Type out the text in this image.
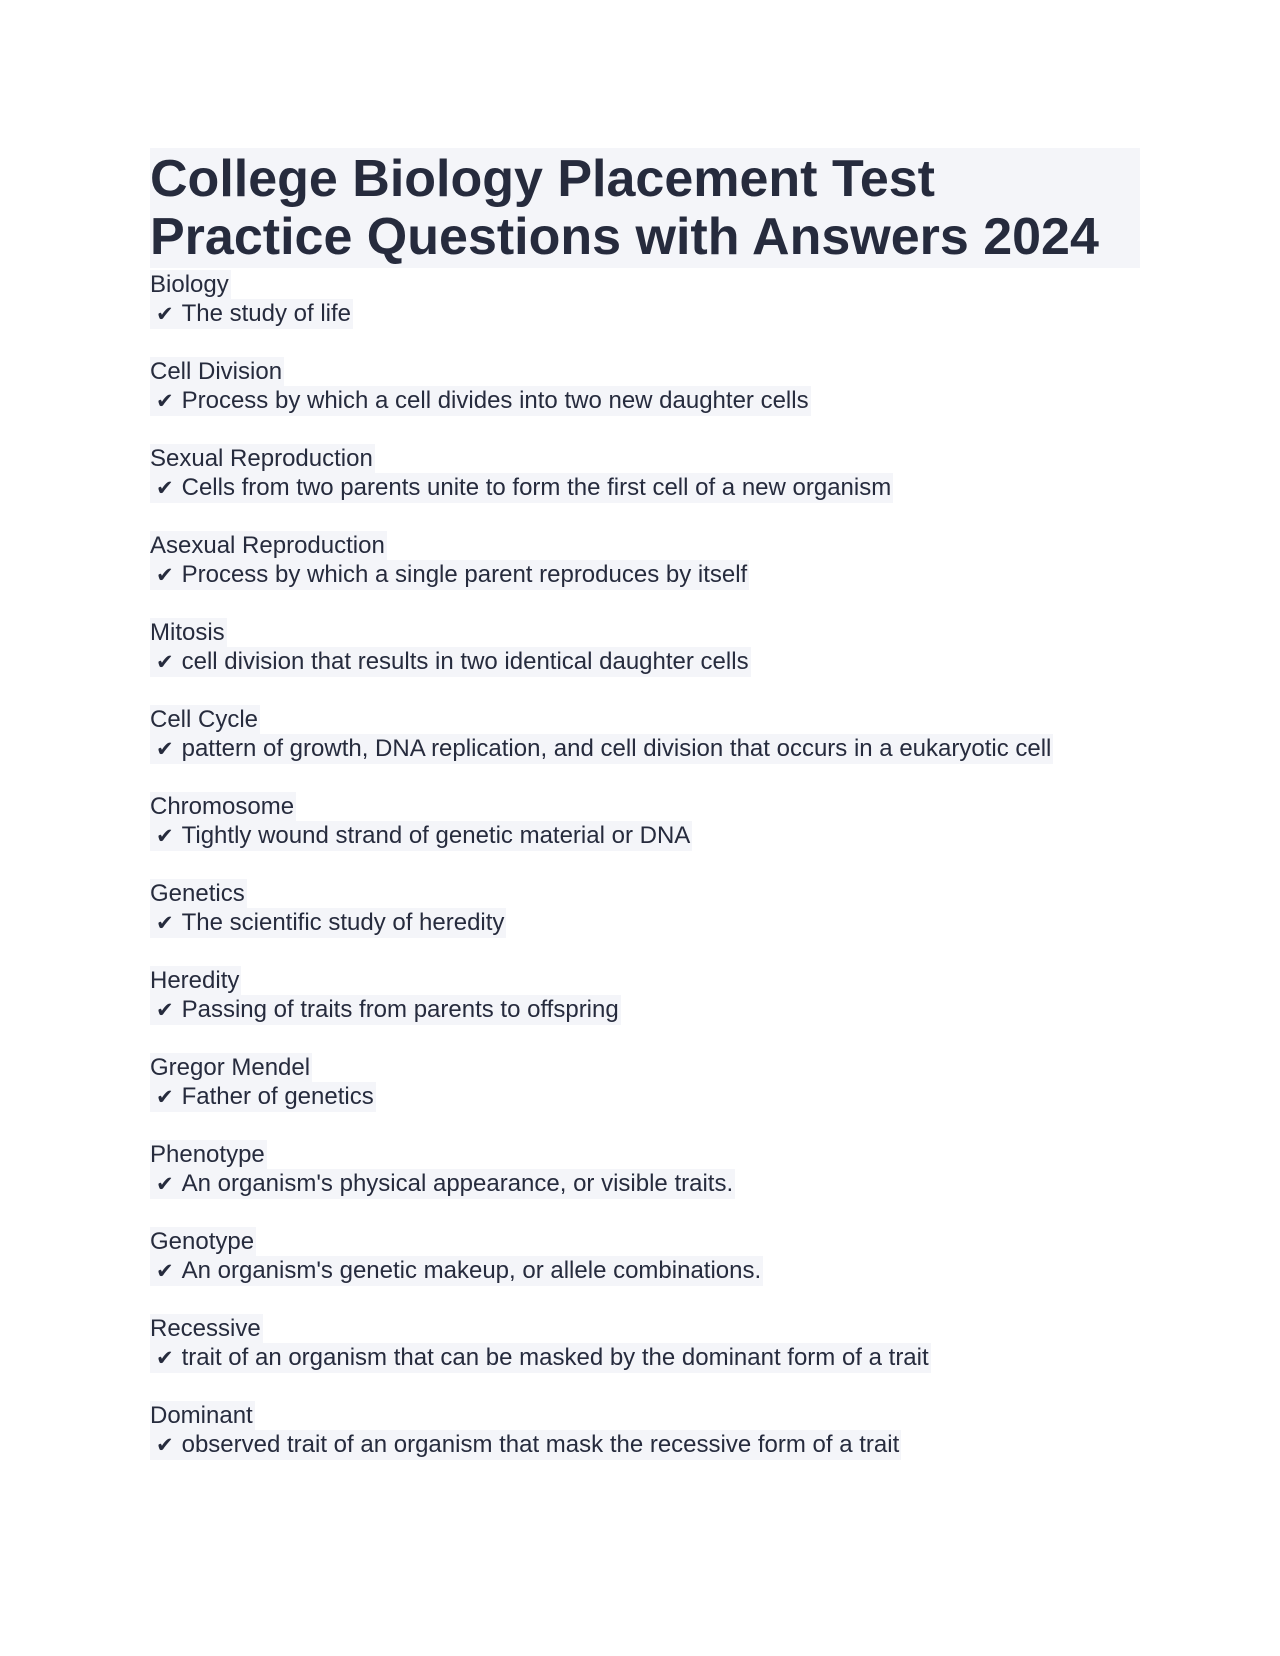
College Biology Placement Test Practice Questions with Answers 2024
Biology
✔ The study of life
Cell Division
✔ Process by which a cell divides into two new daughter cells
Sexual Reproduction
✔ Cells from two parents unite to form the first cell of a new organism
Asexual Reproduction
✔ Process by which a single parent reproduces by itself
Mitosis
✔ cell division that results in two identical daughter cells
Cell Cycle
✔ pattern of growth, DNA replication, and cell division that occurs in a eukaryotic cell
Chromosome
✔ Tightly wound strand of genetic material or DNA
Genetics
✔ The scientific study of heredity
Heredity
✔ Passing of traits from parents to offspring
Gregor Mendel
✔ Father of genetics
Phenotype
✔ An organism's physical appearance, or visible traits.
Genotype
✔ An organism's genetic makeup, or allele combinations.
Recessive
✔ trait of an organism that can be masked by the dominant form of a trait
Dominant
✔ observed trait of an organism that mask the recessive form of a trait
